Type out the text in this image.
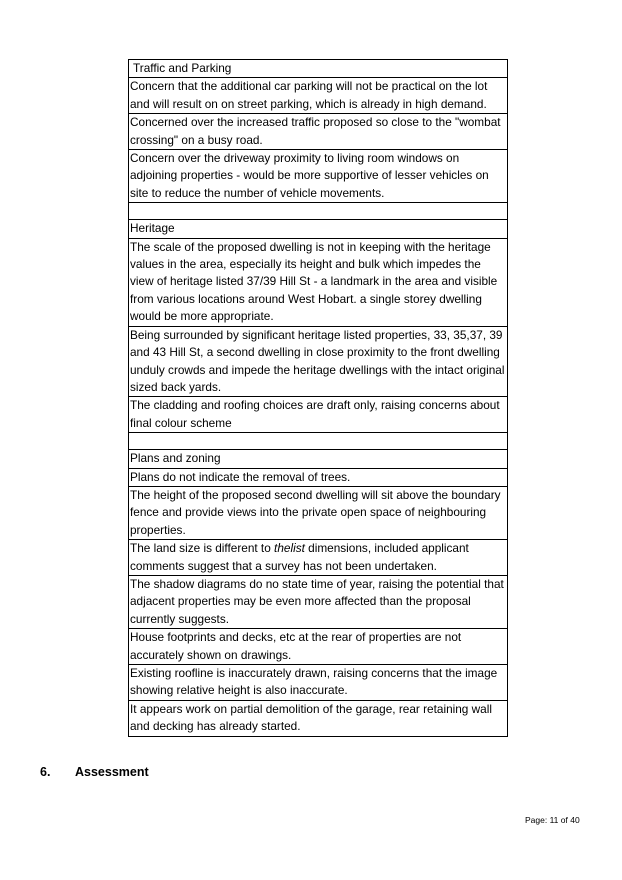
Traffic and Parking
Concern that the additional car parking will not be practical on the lot and will result on on street parking, which is already in high demand.
Concerned over the increased traffic proposed so close to the "wombat crossing" on a busy road.
Concern over the driveway proximity to living room windows on adjoining properties - would be more supportive of lesser vehicles on site to reduce the number of vehicle movements.

Heritage
The scale of the proposed dwelling is not in keeping with the heritage values in the area, especially its height and bulk which impedes the view of heritage listed 37/39 Hill St - a landmark in the area and visible from various locations around West Hobart. a single storey dwelling would be more appropriate.
Being surrounded by significant heritage listed properties, 33, 35,37, 39 and 43 Hill St, a second dwelling in close proximity to the front dwelling unduly crowds and impede the heritage dwellings with the intact original sized back yards.
The cladding and roofing choices are draft only, raising concerns about final colour scheme

Plans and zoning
Plans do not indicate the removal of trees.
The height of the proposed second dwelling will sit above the boundary fence and provide views into the private open space of neighbouring properties.
The land size is different to thelist dimensions, included applicant comments suggest that a survey has not been undertaken.
The shadow diagrams do no state time of year, raising the potential that adjacent properties may be even more affected than the proposal currently suggests.
House footprints and decks, etc at the rear of properties are not accurately shown on drawings.
Existing roofline is inaccurately drawn, raising concerns that the image showing relative height is also inaccurate.
It appears work on partial demolition of the garage, rear retaining wall and decking has already started.
6. Assessment
Page: 11 of 40
